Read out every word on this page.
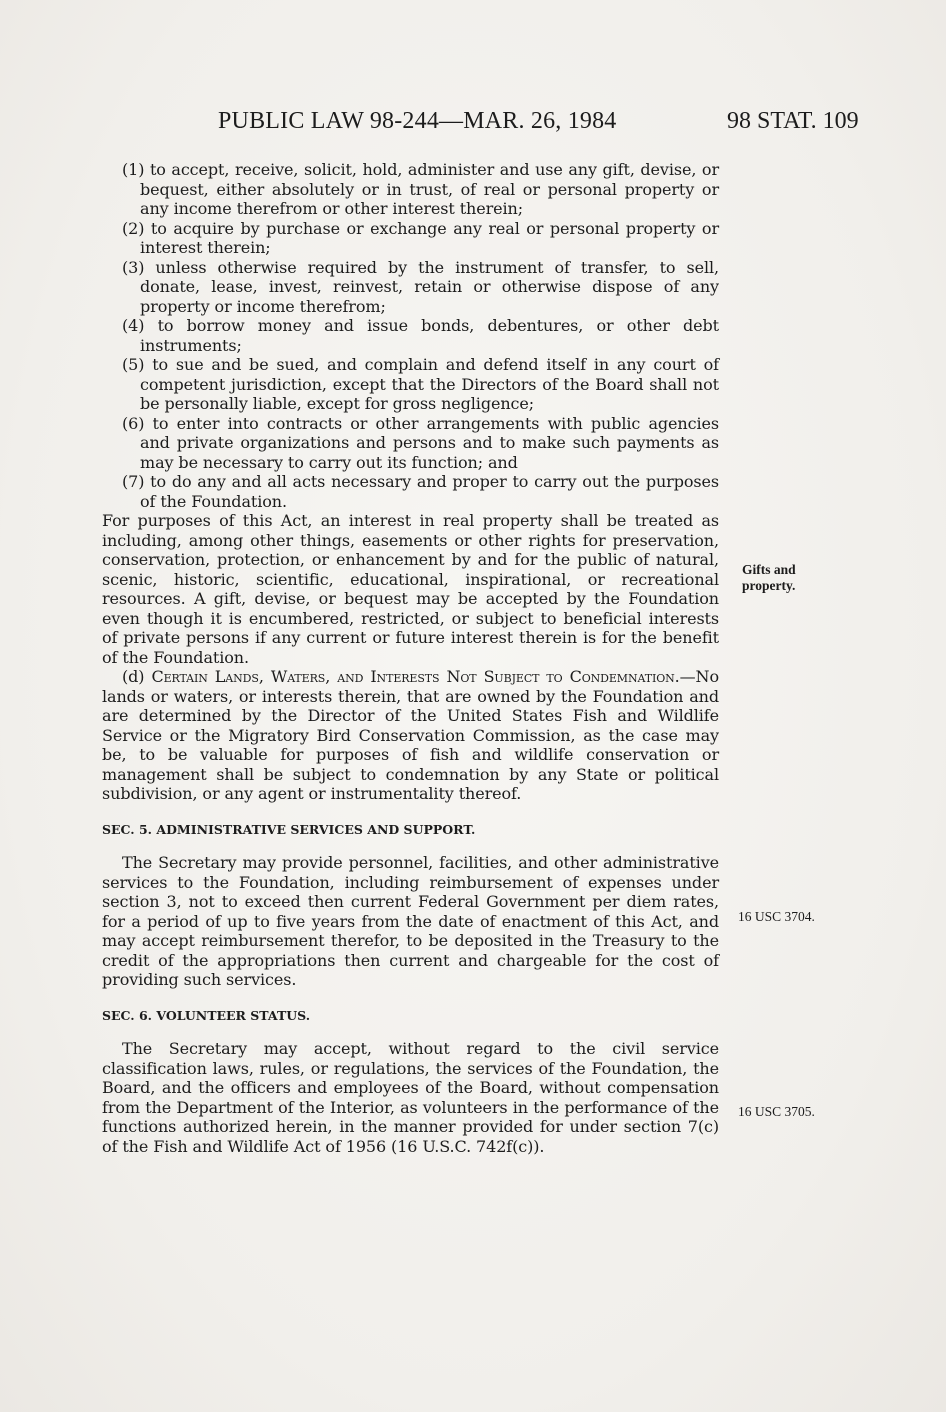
PUBLIC LAW 98-244—MAR. 26, 1984	98 STAT. 109

(1) to accept, receive, solicit, hold, administer and use any gift, devise, or bequest, either absolutely or in trust, of real or personal property or any income therefrom or other interest therein;

(2) to acquire by purchase or exchange any real or personal property or interest therein;

(3) unless otherwise required by the instrument of transfer, to sell, donate, lease, invest, reinvest, retain or otherwise dispose of any property or income therefrom;

(4) to borrow money and issue bonds, debentures, or other debt instruments;

(5) to sue and be sued, and complain and defend itself in any court of competent jurisdiction, except that the Directors of the Board shall not be personally liable, except for gross negligence;

(6) to enter into contracts or other arrangements with public agencies and private organizations and persons and to make such payments as may be necessary to carry out its function; and

(7) to do any and all acts necessary and proper to carry out the purposes of the Foundation.

For purposes of this Act, an interest in real property shall be treated as including, among other things, easements or other rights for preservation, conservation, protection, or enhancement by and for the public of natural, scenic, historic, scientific, educational, inspirational, or recreational resources. A gift, devise, or bequest may be accepted by the Foundation even though it is encumbered, restricted, or subject to beneficial interests of private persons if any current or future interest therein is for the benefit of the Foundation.

(d) Certain Lands, Waters, and Interests Not Subject to Condemnation.—No lands or waters, or interests therein, that are owned by the Foundation and are determined by the Director of the United States Fish and Wildlife Service or the Migratory Bird Conservation Commission, as the case may be, to be valuable for purposes of fish and wildlife conservation or management shall be subject to condemnation by any State or political subdivision, or any agent or instrumentality thereof.

SEC. 5. ADMINISTRATIVE SERVICES AND SUPPORT.

The Secretary may provide personnel, facilities, and other administrative services to the Foundation, including reimbursement of expenses under section 3, not to exceed then current Federal Government per diem rates, for a period of up to five years from the date of enactment of this Act, and may accept reimbursement therefor, to be deposited in the Treasury to the credit of the appropriations then current and chargeable for the cost of providing such services.

SEC. 6. VOLUNTEER STATUS.

The Secretary may accept, without regard to the civil service classification laws, rules, or regulations, the services of the Foundation, the Board, and the officers and employees of the Board, without compensation from the Department of the Interior, as volunteers in the performance of the functions authorized herein, in the manner provided for under section 7(c) of the Fish and Wildlife Act of 1956 (16 U.S.C. 742f(c)).

Gifts and
property.
16 USC 3704.
16 USC 3705.
